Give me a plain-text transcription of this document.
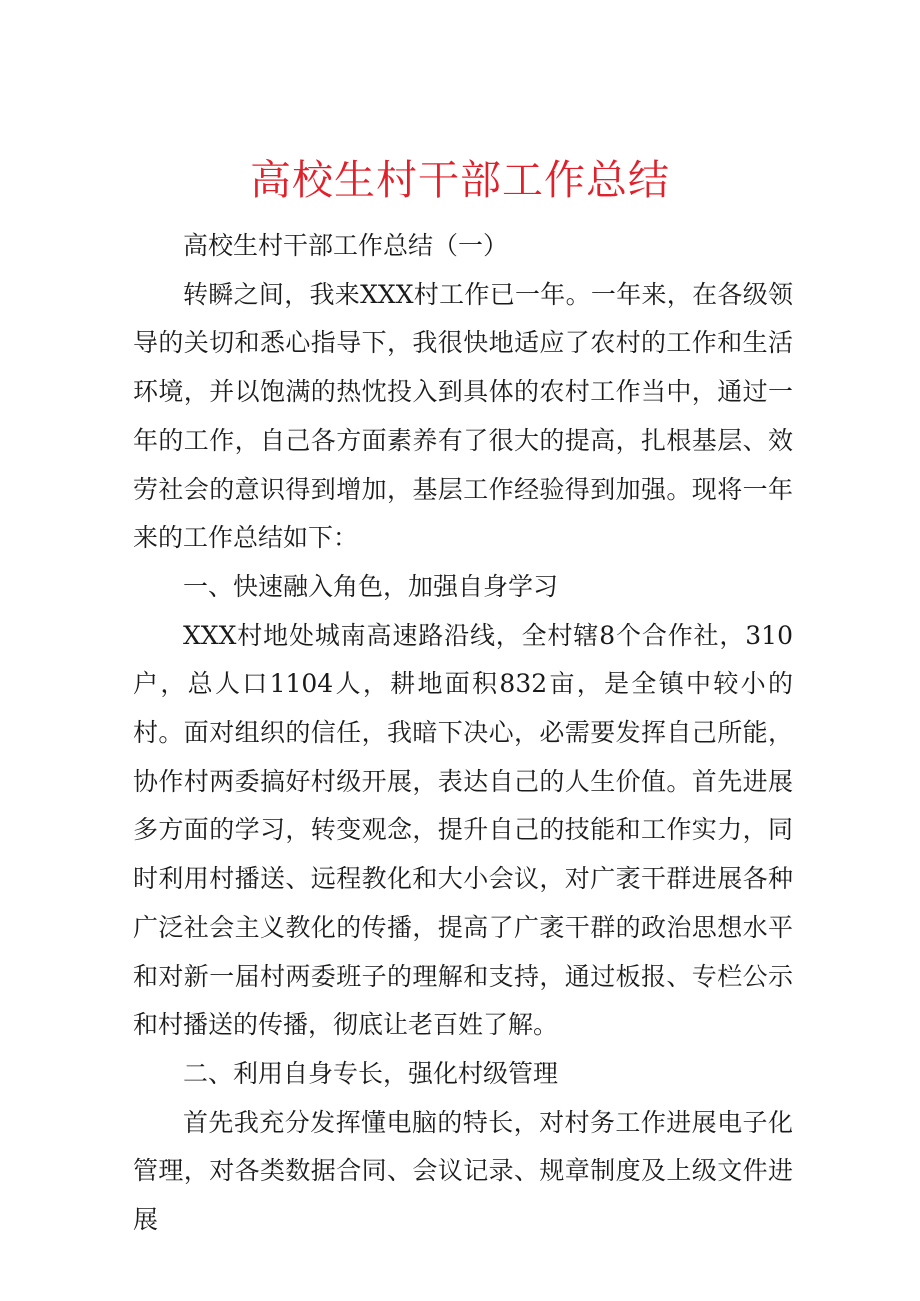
高校生村干部工作总结

高校生村干部工作总结（一）

转瞬之间，我来XXX村工作已一年。一年来，在各级领导的关切和悉心指导下，我很快地适应了农村的工作和生活环境，并以饱满的热忱投入到具体的农村工作当中，通过一年的工作，自己各方面素养有了很大的提高，扎根基层、效劳社会的意识得到增加，基层工作经验得到加强。现将一年来的工作总结如下：

一、快速融入角色，加强自身学习

XXX村地处城南高速路沿线，全村辖8个合作社，310户，总人口1104人，耕地面积832亩，是全镇中较小的村。面对组织的信任，我暗下决心，必需要发挥自己所能，协作村两委搞好村级开展，表达自己的人生价值。首先进展多方面的学习，转变观念，提升自己的技能和工作实力，同时利用村播送、远程教化和大小会议，对广袤干群进展各种广泛社会主义教化的传播，提高了广袤干群的政治思想水平和对新一届村两委班子的理解和支持，通过板报、专栏公示和村播送的传播，彻底让老百姓了解。

二、利用自身专长，强化村级管理

首先我充分发挥懂电脑的特长，对村务工作进展电子化管理，对各类数据合同、会议记录、规章制度及上级文件进展
